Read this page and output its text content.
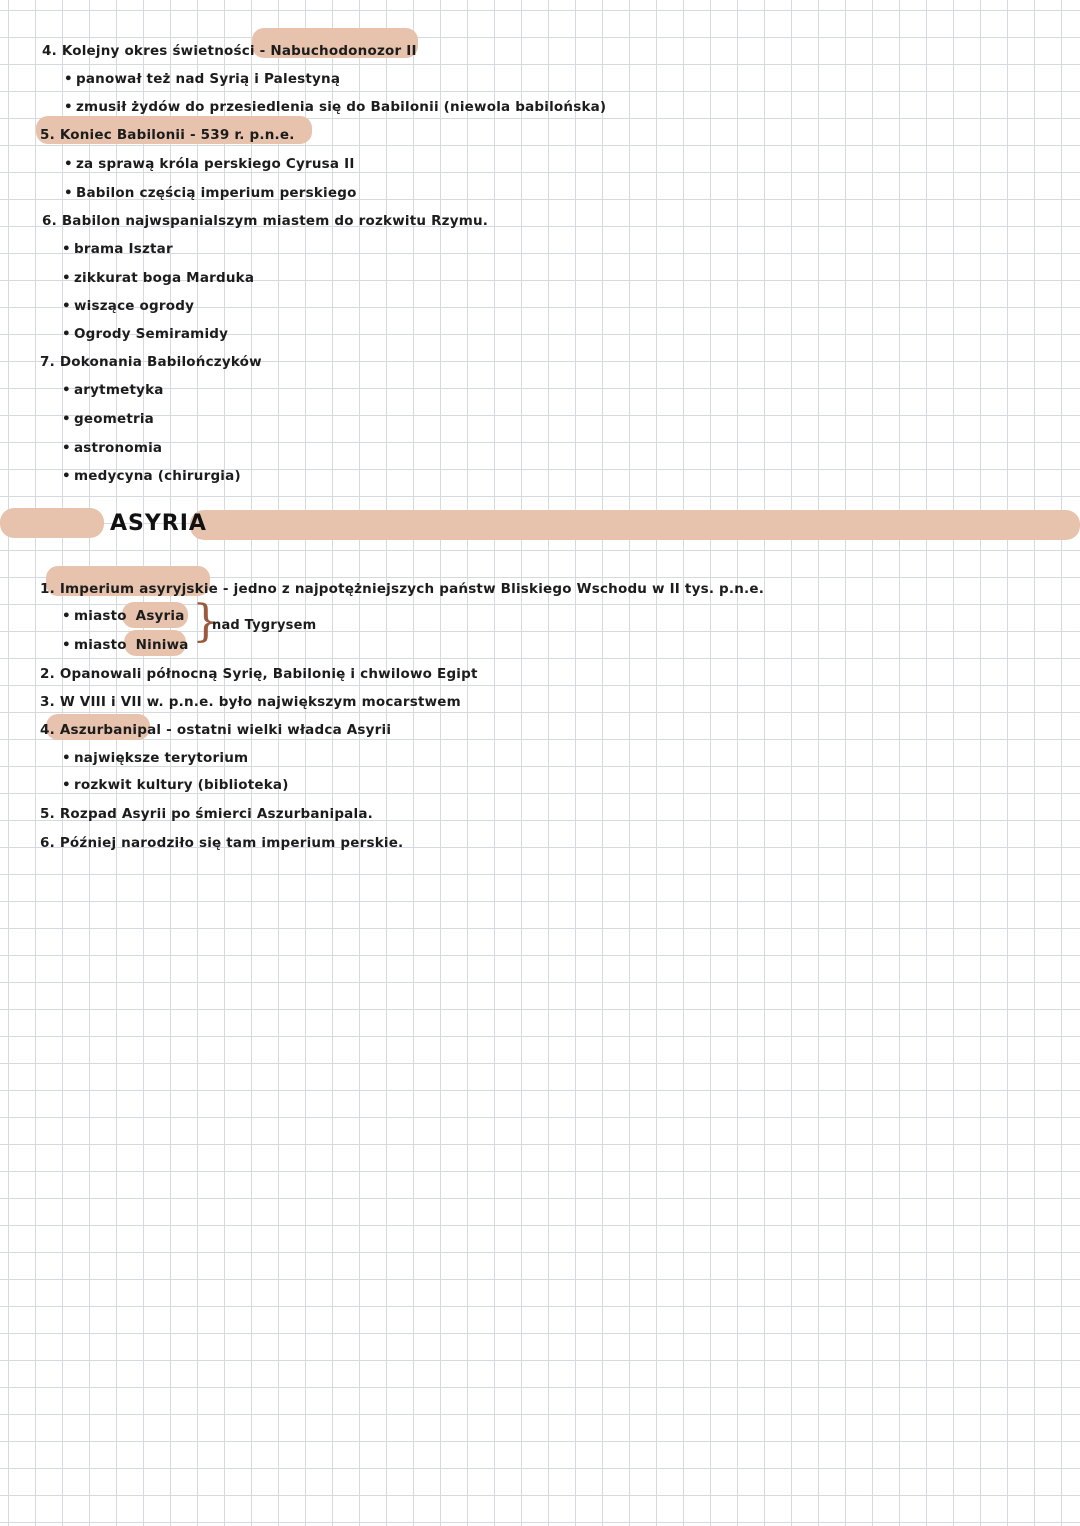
4. Kolejny okres świetności - Nabuchodonozor II
• panował też nad Syrią i Palestyną
• zmusił żydów do przesiedlenia się do Babilonii (niewola babilońska)
5. Koniec Babilonii - 539 r. p.n.e.
• za sprawą króla perskiego Cyrusa II
• Babilon częścią imperium perskiego
6. Babilon najwspanialszym miastem do rozkwitu Rzymu.
• brama Isztar
• zikkurat boga Marduka
• wiszące ogrody
• Ogrody Semiramidy
7. Dokonania Babilończyków
• arytmetyka
• geometria
• astronomia
• medycyna (chirurgia)
ASYRIA
1. Imperium asyryjskie - jedno z najpotężniejszych państw Bliskiego Wschodu w II tys. p.n.e.
• miasto Asyria
• miasto Niniwa }
nad Tygrysem
2. Opanowali północną Syrię, Babilonię i chwilowo Egipt
3. W VIII i VII w. p.n.e. było największym mocarstwem
4. Aszurbanipal - ostatni wielki władca Asyrii
• największe terytorium
• rozkwit kultury (biblioteka)
5. Rozpad Asyrii po śmierci Aszurbanipala.
6. Później narodziło się tam imperium perskie.
